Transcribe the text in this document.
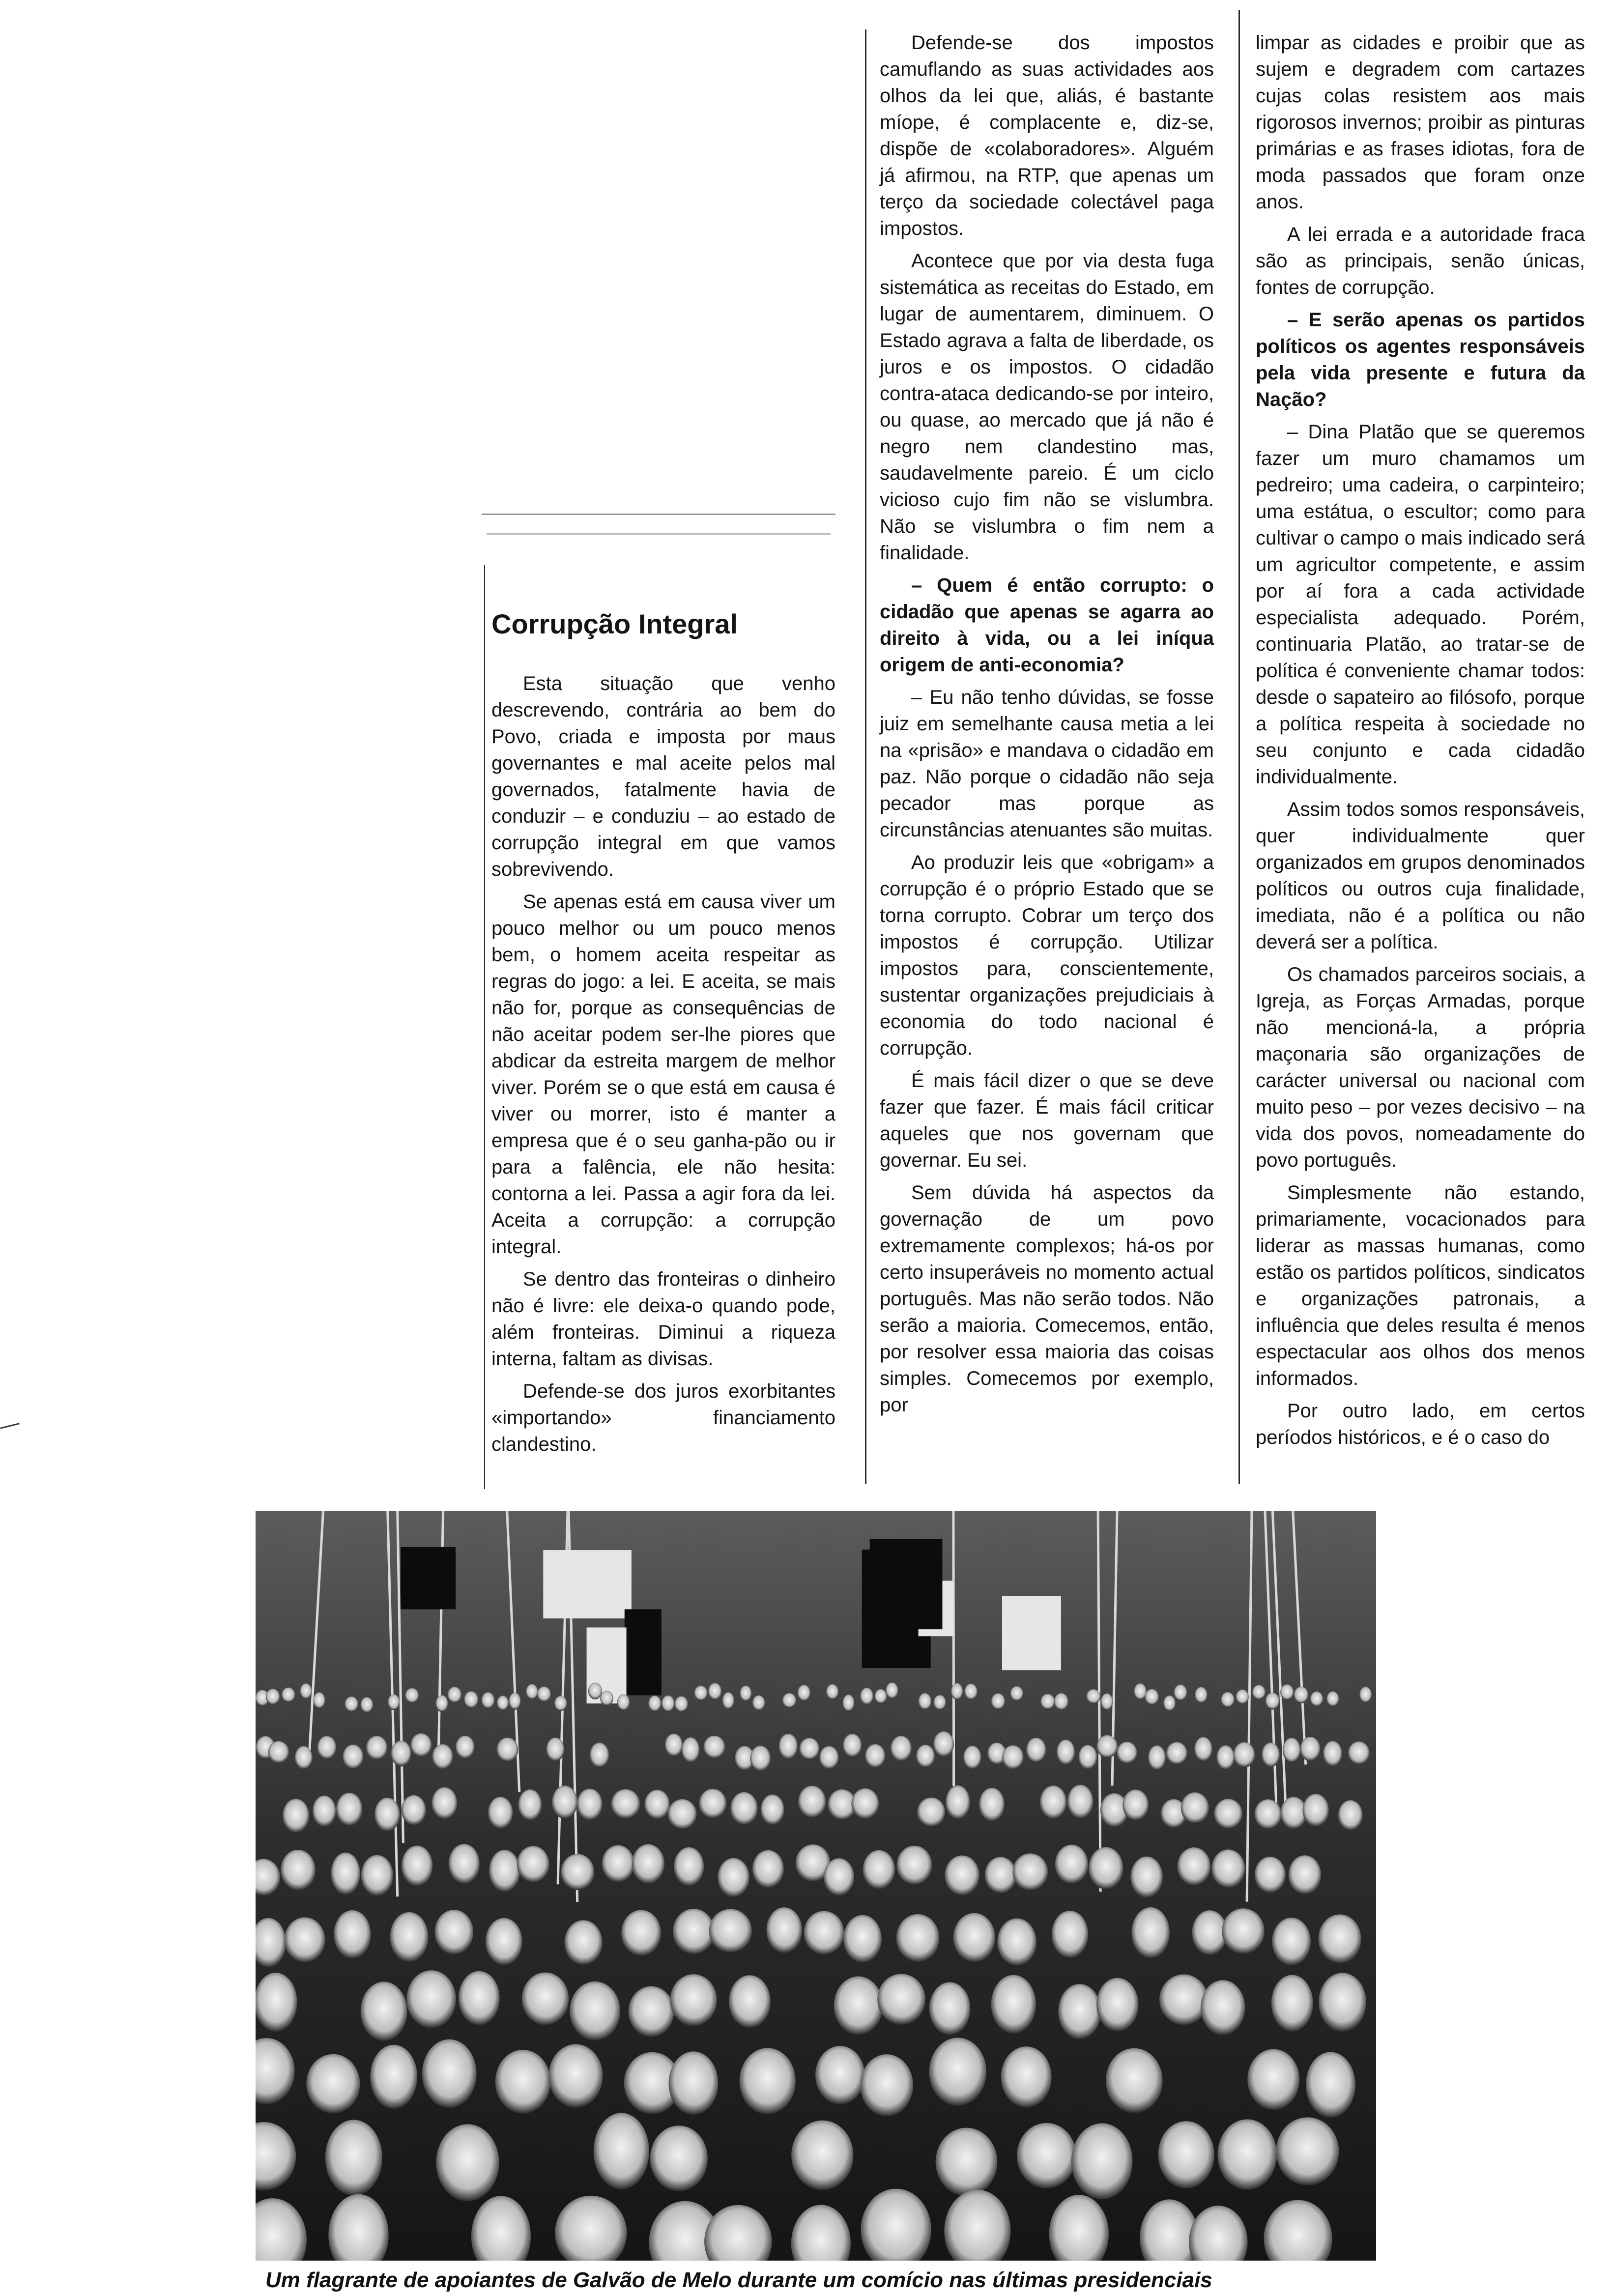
Corrupção Integral

Esta situação que venho descrevendo, contrária ao bem do Povo, criada e imposta por maus governantes e mal aceite pelos mal governados, fatalmente havia de conduzir – e conduziu – ao estado de corrupção integral em que vamos sobrevivendo.

Se apenas está em causa viver um pouco melhor ou um pouco menos bem, o homem aceita respeitar as regras do jogo: a lei. E aceita, se mais não for, porque as consequências de não aceitar podem ser-lhe piores que abdicar da estreita margem de melhor viver. Porém se o que está em causa é viver ou morrer, isto é manter a empresa que é o seu ganha-pão ou ir para a falência, ele não hesita: contorna a lei. Passa a agir fora da lei. Aceita a corrupção: a corrupção integral.

Se dentro das fronteiras o dinheiro não é livre: ele deixa-o quando pode, além fronteiras. Diminui a riqueza interna, faltam as divisas.

Defende-se dos juros exorbitantes «importando» financiamento clandestino.

Defende-se dos impostos camuflando as suas actividades aos olhos da lei que, aliás, é bastante míope, é complacente e, diz-se, dispõe de «colaboradores». Alguém já afirmou, na RTP, que apenas um terço da sociedade colectável paga impostos.

Acontece que por via desta fuga sistemática as receitas do Estado, em lugar de aumentarem, diminuem. O Estado agrava a falta de liberdade, os juros e os impostos. O cidadão contra-ataca dedicando-se por inteiro, ou quase, ao mercado que já não é negro nem clandestino mas, saudavelmente pareio. É um ciclo vicioso cujo fim não se vislumbra. Não se vislumbra o fim nem a finalidade.

– Quem é então corrupto: o cidadão que apenas se agarra ao direito à vida, ou a lei iníqua origem de anti-economia?

– Eu não tenho dúvidas, se fosse juiz em semelhante causa metia a lei na «prisão» e mandava o cidadão em paz. Não porque o cidadão não seja pecador mas porque as circunstâncias atenuantes são muitas.

Ao produzir leis que «obrigam» a corrupção é o próprio Estado que se torna corrupto. Cobrar um terço dos impostos é corrupção. Utilizar impostos para, conscientemente, sustentar organizações prejudiciais à economia do todo nacional é corrupção.

É mais fácil dizer o que se deve fazer que fazer. É mais fácil criticar aqueles que nos governam que governar. Eu sei.

Sem dúvida há aspectos da governação de um povo extremamente complexos; há-os por certo insuperáveis no momento actual português. Mas não serão todos. Não serão a maioria. Comecemos, então, por resolver essa maioria das coisas simples. Comecemos por exemplo, por

limpar as cidades e proibir que as sujem e degradem com cartazes cujas colas resistem aos mais rigorosos invernos; proibir as pinturas primárias e as frases idiotas, fora de moda passados que foram onze anos.

A lei errada e a autoridade fraca são as principais, senão únicas, fontes de corrupção.

– E serão apenas os partidos políticos os agentes responsáveis pela vida presente e futura da Nação?

– Dina Platão que se queremos fazer um muro chamamos um pedreiro; uma cadeira, o carpinteiro; uma estátua, o escultor; como para cultivar o campo o mais indicado será um agricultor competente, e assim por aí fora a cada actividade especialista adequado. Porém, continuaria Platão, ao tratar-se de política é conveniente chamar todos: desde o sapateiro ao filósofo, porque a política respeita à sociedade no seu conjunto e cada cidadão individualmente.

Assim todos somos responsáveis, quer individualmente quer organizados em grupos denominados políticos ou outros cuja finalidade, imediata, não é a política ou não deverá ser a política.

Os chamados parceiros sociais, a Igreja, as Forças Armadas, porque não mencioná-la, a própria maçonaria são organizações de carácter universal ou nacional com muito peso – por vezes decisivo – na vida dos povos, nomeadamente do povo português.

Simplesmente não estando, primariamente, vocacionados para liderar as massas humanas, como estão os partidos políticos, sindicatos e organizações patronais, a influência que deles resulta é menos espectacular aos olhos dos menos informados.

Por outro lado, em certos períodos históricos, e é o caso do

Um flagrante de apoiantes de Galvão de Melo durante um comício nas últimas presidenciais
